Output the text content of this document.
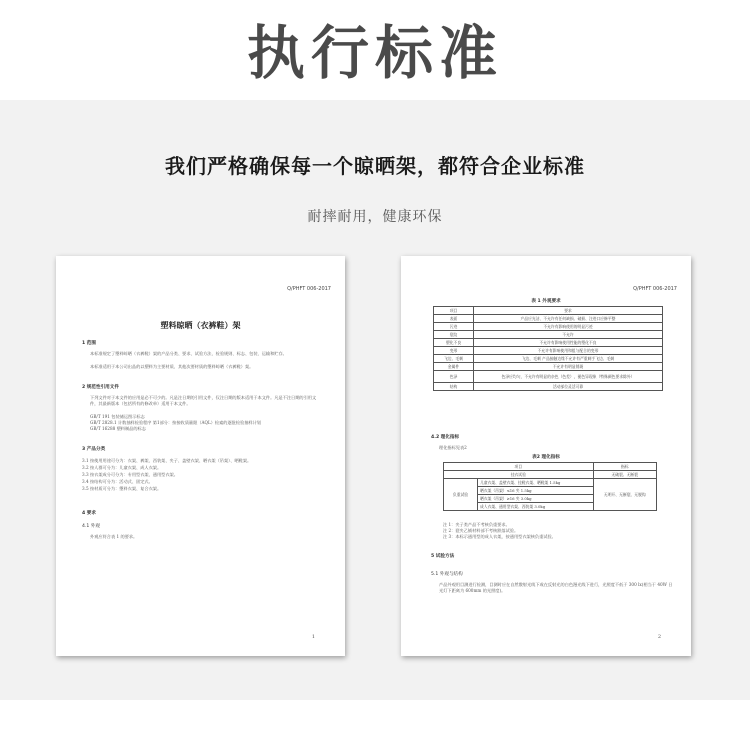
执行标准
我们严格确保每一个晾晒架，都符合企业标准
耐摔耐用，健康环保
Q/PHFT 006-2017
塑料晾晒（衣裤鞋）架
1 范围
本标准规定了塑料晾晒（衣裤鞋）架的产品分类、要求、试验方法、检验规则、标志、包装、运输和贮存。
本标准适用于本公司出品的以塑料为主要材质、其他次要材质的塑料晾晒（衣裤鞋）架。
2 规范性引用文件
下列文件对于本文件的应用是必不可少的。凡是注日期的引用文件，仅注日期的版本适用于本文件。凡是不注日期的引用文件，其最新版本（包括所有的修改单）适用于本文件。
GB/T 191 包装储运图示标志
GB/T 2828.1 计数抽样检验程序 第1部分：按接收质量限（AQL）检索的逐批检验抽样计划
GB/T 16288 塑料制品的标志
3 产品分类
3.1 按使用用途可分为：衣架、裤架、西装架、夹子、盖壁衣架、晒衣架（吊架）、晒鞋架。
3.2 按人群可分为：儿童衣架、成人衣架。
3.3 按衣架成分可分为：专用型衣架、通用型衣架。
3.4 按结构可分为：活动式、固定式。
3.5 按材质可分为：塑料衣架、复合衣架。
4 要求
4.1 外观
外观应符合表 1 的要求。
1
Q/PHFT 006-2017
表 1 外观要求
项目	要求
表面	产品应光洁、不允许有任何缺损、破损、注迹口应修平整
污迹	不允许有影响使用的明显污迹
裂纹	不允许
塑化不良	不允许有影响使用性能的塑化不良
变形	不允许有影响使用和组与配合的变形
飞边、毛刺	飞边、毛刺 产品接触边缘不允许有严重刺手飞边、毛刺
金属件	不允许有明显锈斑
色泽	色泽应均匀，不允许有明显的杂色（色差），褪色异现象（特殊颜色要求除外）
结构	活动部位灵活可靠
4.2 理化指标
理化指标见表2
表2 理化指标
项目		指标
挂衣试验		无破裂、无断裂
负重试验	儿童衣架、盖壁衣架、挂鞋衣架、晒鞋架 1.5kg	无明开、无断裂、无脱钩
	晒衣架（吊架）≤16 夹 1.5kg	
	晒衣架（吊架）≥16 夹 3.0kg	
	成人衣架、通用型衣架、西装架 3.0kg	
注 1：夹子类产品不考核负重要求。
注 2：裂夹乙铺材料部不考核跌落试验。
注 3：本标示通用型的成人衣架，按通用型衣架核负重试验。
5 试验方法
5.1 外观与结构
产品外观用目测进行检测，目测时应在自然散射光线下或在反射光的白色漫光线下进行，光照度不低于 300 lx(相当于 40W 日光灯下距离为 600mm 的光照度)。
2
